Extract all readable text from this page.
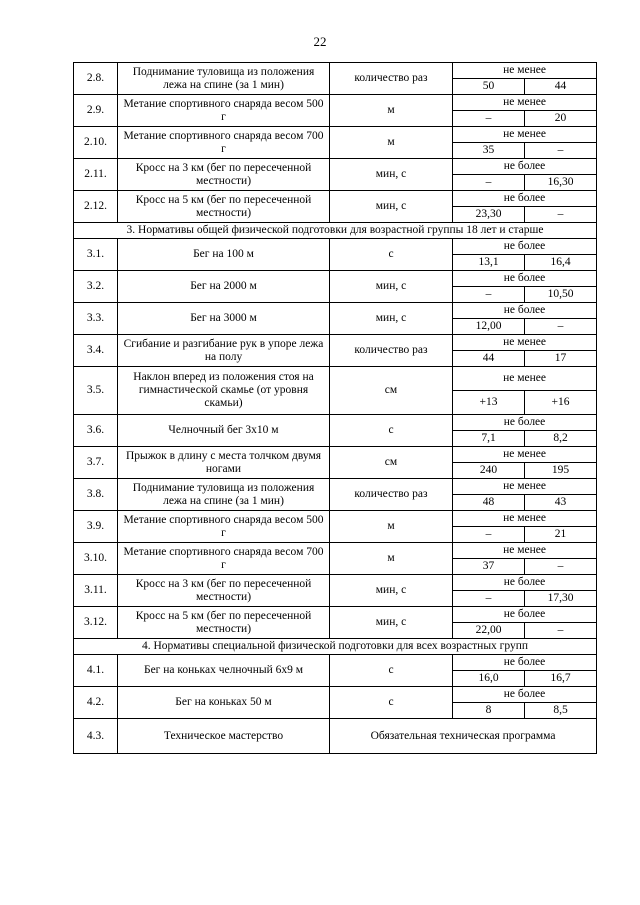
22
2.8.	Поднимание туловища из положения лежа на спине (за 1 мин)	количество раз	не менее	
			50	44
2.9.	Метание спортивного снаряда весом 500 г	м	не менее	
			–	20
2.10.	Метание спортивного снаряда весом 700 г	м	не менее	
			35	–
2.11.	Кросс на 3 км (бег по пересеченной местности)	мин, с	не более	
			–	16,30
2.12.	Кросс на 5 км (бег по пересеченной местности)	мин, с	не более	
			23,30	–
3. Нормативы общей физической подготовки для возрастной группы 18 лет и старше				
3.1.	Бег на 100 м	с	не более	
			13,1	16,4
3.2.	Бег на 2000 м	мин, с	не более	
			–	10,50
3.3.	Бег на 3000 м	мин, с	не более	
			12,00	–
3.4.	Сгибание и разгибание рук в упоре лежа на полу	количество раз	не менее	
			44	17
3.5.	Наклон вперед из положения стоя на гимнастической скамье (от уровня скамьи)	см	не менее	
			+13	+16
3.6.	Челночный бег 3х10 м	с	не более	
			7,1	8,2
3.7.	Прыжок в длину с места толчком двумя ногами	см	не менее	
			240	195
3.8.	Поднимание туловища из положения лежа на спине (за 1 мин)	количество раз	не менее	
			48	43
3.9.	Метание спортивного снаряда весом 500 г	м	не менее	
			–	21
3.10.	Метание спортивного снаряда весом 700 г	м	не менее	
			37	–
3.11.	Кросс на 3 км (бег по пересеченной местности)	мин, с	не более	
			–	17,30
3.12.	Кросс на 5 км (бег по пересеченной местности)	мин, с	не более	
			22,00	–
4. Нормативы специальной физической подготовки для всех возрастных групп				
4.1.	Бег на коньках челночный 6х9 м	с	не более	
			16,0	16,7
4.2.	Бег на коньках 50 м	с	не более	
			8	8,5
4.3.	Техническое мастерство	Обязательная техническая программа		
